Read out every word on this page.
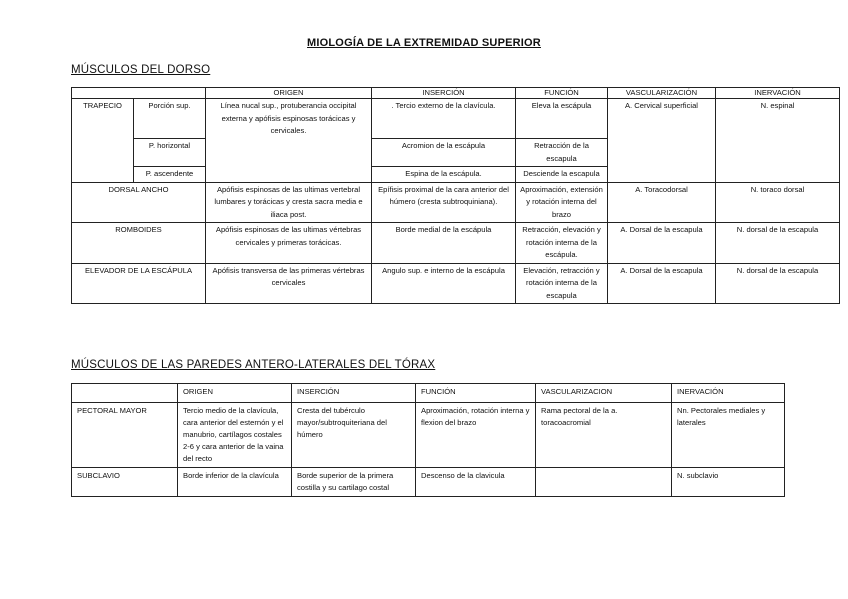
MIOLOGÍA DE LA EXTREMIDAD SUPERIOR
MÚSCULOS DEL DORSO
		ORIGEN	INSERCIÓN	FUNCIÓN	VASCULARIZACIÓN	INERVACIÓN
TRAPECIO	Porción sup.	Línea nucal sup., protuberancia occipital externa y apófisis espinosas torácicas y cervicales.	. Tercio externo de la clavícula.	Eleva la escápula	A. Cervical superficial	N. espinal
	P. horizontal		Acromion de la escápula	Retracción de la escapula		
	P. ascendente		Espina de la escápula.	Desciende la escapula		
DORSAL ANCHO		Apófisis espinosas de las ultimas vertebral lumbares y torácicas y cresta sacra media e iliaca post.	Epífisis proximal de la cara anterior del húmero (cresta subtroquiniana).	Aproximación, extensión y rotación interna del brazo	A. Toracodorsal	N. toraco dorsal
ROMBOIDES		Apófisis espinosas de las ultimas vértebras cervicales y primeras torácicas.	Borde medial de la escápula	Retracción, elevación y rotación interna de la escápula.	A. Dorsal de la escapula	N. dorsal de la escapula
ELEVADOR DE LA ESCÁPULA		Apófisis transversa de las primeras vértebras cervicales	Angulo sup. e interno de la escápula	Elevación, retracción y rotación interna de la escapula	A. Dorsal de la escapula	N. dorsal de la escapula
MÚSCULOS DE LAS PAREDES ANTERO-LATERALES DEL TÓRAX
	ORIGEN	INSERCIÓN	FUNCIÓN	VASCULARIZACION	INERVACIÓN
PECTORAL MAYOR	Tercio medio de la clavícula, cara anterior del esternón y el manubrio, cartílagos costales 2-6 y cara anterior de la vaina del recto	Cresta del tubérculo mayor/subtroquiteriana del húmero	Aproximación, rotación interna y flexion del brazo	Rama pectoral de la a. toracoacromial	Nn. Pectorales mediales y laterales
SUBCLAVIO	Borde inferior de la clavícula	Borde superior de la primera costilla y su cartilago costal	Descenso de la clavicula		N. subclavio
